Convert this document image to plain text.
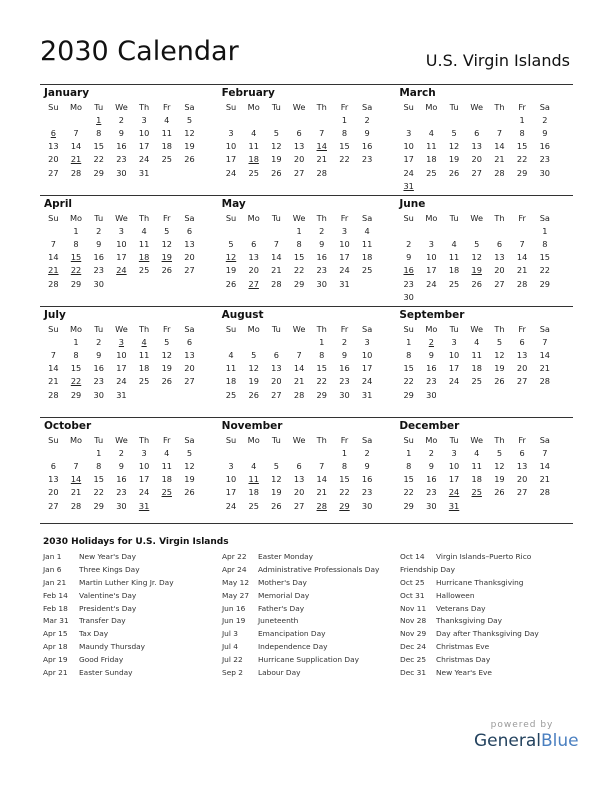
2030 Calendar	U.S. Virgin Islands
January
Su	Mo	Tu	We	Th	Fr	Sa
		1	2	3	4	5
6	7	8	9	10	11	12
13	14	15	16	17	18	19
20	21	22	23	24	25	26
27	28	29	30	31		
February
Su	Mo	Tu	We	Th	Fr	Sa
					1	2
3	4	5	6	7	8	9
10	11	12	13	14	15	16
17	18	19	20	21	22	23
24	25	26	27	28		
March
Su	Mo	Tu	We	Th	Fr	Sa
					1	2
3	4	5	6	7	8	9
10	11	12	13	14	15	16
17	18	19	20	21	22	23
24	25	26	27	28	29	30
31						
April
Su	Mo	Tu	We	Th	Fr	Sa
	1	2	3	4	5	6
7	8	9	10	11	12	13
14	15	16	17	18	19	20
21	22	23	24	25	26	27
28	29	30				
May
Su	Mo	Tu	We	Th	Fr	Sa
			1	2	3	4
5	6	7	8	9	10	11
12	13	14	15	16	17	18
19	20	21	22	23	24	25
26	27	28	29	30	31	
June
Su	Mo	Tu	We	Th	Fr	Sa
						1
2	3	4	5	6	7	8
9	10	11	12	13	14	15
16	17	18	19	20	21	22
23	24	25	26	27	28	29
30						
July
Su	Mo	Tu	We	Th	Fr	Sa
	1	2	3	4	5	6
7	8	9	10	11	12	13
14	15	16	17	18	19	20
21	22	23	24	25	26	27
28	29	30	31			
August
Su	Mo	Tu	We	Th	Fr	Sa
				1	2	3
4	5	6	7	8	9	10
11	12	13	14	15	16	17
18	19	20	21	22	23	24
25	26	27	28	29	30	31
September
Su	Mo	Tu	We	Th	Fr	Sa
1	2	3	4	5	6	7
8	9	10	11	12	13	14
15	16	17	18	19	20	21
22	23	24	25	26	27	28
29	30					
October
Su	Mo	Tu	We	Th	Fr	Sa
		1	2	3	4	5
6	7	8	9	10	11	12
13	14	15	16	17	18	19
20	21	22	23	24	25	26
27	28	29	30	31		
November
Su	Mo	Tu	We	Th	Fr	Sa
					1	2
3	4	5	6	7	8	9
10	11	12	13	14	15	16
17	18	19	20	21	22	23
24	25	26	27	28	29	30
December
Su	Mo	Tu	We	Th	Fr	Sa
1	2	3	4	5	6	7
8	9	10	11	12	13	14
15	16	17	18	19	20	21
22	23	24	25	26	27	28
29	30	31				
2030 Holidays for U.S. Virgin Islands
Jan 1	New Year's Day
Jan 6	Three Kings Day
Jan 21	Martin Luther King Jr. Day
Feb 14	Valentine's Day
Feb 18	President's Day
Mar 31	Transfer Day
Apr 15	Tax Day
Apr 18	Maundy Thursday
Apr 19	Good Friday
Apr 21	Easter Sunday
Apr 22	Easter Monday
Apr 24	Administrative Professionals Day
May 12	Mother's Day
May 27	Memorial Day
Jun 16	Father's Day
Jun 19	Juneteenth
Jul 3	Emancipation Day
Jul 4	Independence Day
Jul 22	Hurricane Supplication Day
Sep 2	Labour Day
Oct 14	Virgin Islands–Puerto Rico
Friendship Day
Oct 25	Hurricane Thanksgiving
Oct 31	Halloween
Nov 11	Veterans Day
Nov 28	Thanksgiving Day
Nov 29	Day after Thanksgiving Day
Dec 24	Christmas Eve
Dec 25	Christmas Day
Dec 31	New Year's Eve
powered by
GeneralBlue
